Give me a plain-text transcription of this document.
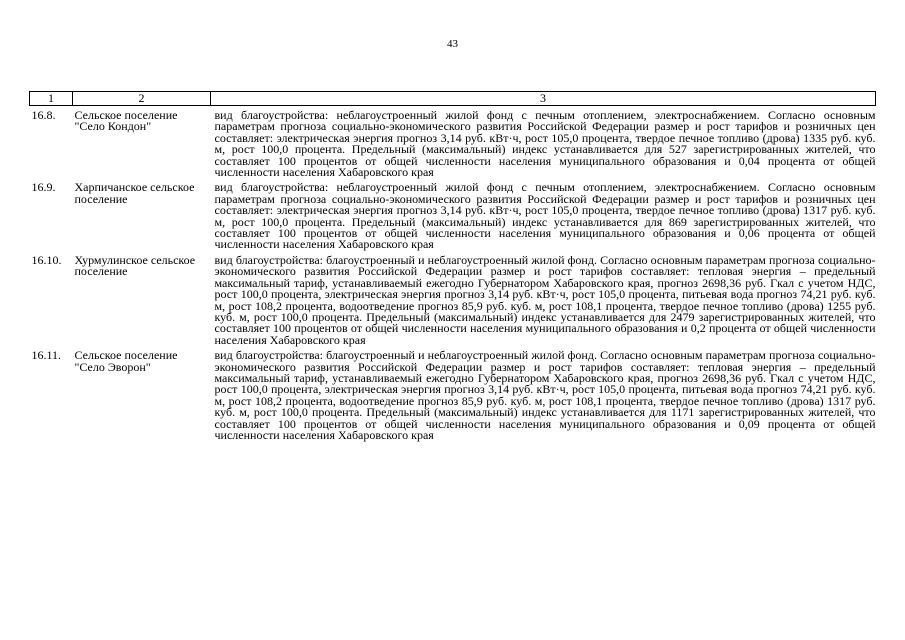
43
1	2	3
16.8.	Сельское поселение "Село Кондон"	вид благоустройства: неблагоустроенный жилой фонд с печным отоплением, электроснабжением. Согласно основным параметрам прогноза социально-экономического развития Российской Федерации размер и рост тарифов и розничных цен составляет: электрическая энергия прогноз 3,14 руб. кВт·ч, рост 105,0 процента, твердое печное топливо (дрова) 1335 руб. куб. м, рост 100,0 процента. Предельный (максимальный) индекс устанавливается для 527 зарегистрированных жителей, что составляет 100 процентов от общей численности населения муниципального образования и 0,04 процента от общей численности населения Хабаровского края
16.9.	Харпичанское сельское поселение	вид благоустройства: неблагоустроенный жилой фонд с печным отоплением, электроснабжением. Согласно основным параметрам прогноза социально-экономического развития Российской Федерации размер и рост тарифов и розничных цен составляет: электрическая энергия прогноз 3,14 руб. кВт·ч, рост 105,0 процента, твердое печное топливо (дрова) 1317 руб. куб. м, рост 100,0 процента. Предельный (максимальный) индекс устанавливается для 869 зарегистрированных жителей, что составляет 100 процентов от общей численности населения муниципального образования и 0,06 процента от общей численности населения Хабаровского края
16.10.	Хурмулинское сельское поселение	вид благоустройства: благоустроенный и неблагоустроенный жилой фонд. Согласно основным параметрам прогноза социально-экономического развития Российской Федерации размер и рост тарифов составляет: тепловая энергия – предельный максимальный тариф, устанавливаемый ежегодно Губернатором Хабаровского края, прогноз 2698,36 руб. Гкал с учетом НДС, рост 100,0 процента, электрическая энергия прогноз 3,14 руб. кВт·ч, рост 105,0 процента, питьевая вода прогноз 74,21 руб. куб. м, рост 108,2 процента, водоотведение прогноз 85,9 руб. куб. м, рост 108,1 процента, твердое печное топливо (дрова) 1255 руб. куб. м, рост 100,0 процента. Предельный (максимальный) индекс устанавливается для 2479 зарегистрированных жителей, что составляет 100 процентов от общей численности населения муниципального образования и 0,2 процента от общей численности населения Хабаровского края
16.11.	Сельское поселение "Село Эворон"	вид благоустройства: благоустроенный и неблагоустроенный жилой фонд. Согласно основным параметрам прогноза социально-экономического развития Российской Федерации размер и рост тарифов составляет: тепловая энергия – предельный максимальный тариф, устанавливаемый ежегодно Губернатором Хабаровского края, прогноз 2698,36 руб. Гкал с учетом НДС, рост 100,0 процента, электрическая энергия прогноз 3,14 руб. кВт·ч, рост 105,0 процента, питьевая вода прогноз 74,21 руб. куб. м, рост 108,2 процента, водоотведение прогноз 85,9 руб. куб. м, рост 108,1 процента, твердое печное топливо (дрова) 1317 руб. куб. м, рост 100,0 процента. Предельный (максимальный) индекс устанавливается для 1171 зарегистрированных жителей, что составляет 100 процентов от общей численности населения муниципального образования и 0,09 процента от общей численности населения Хабаровского края
